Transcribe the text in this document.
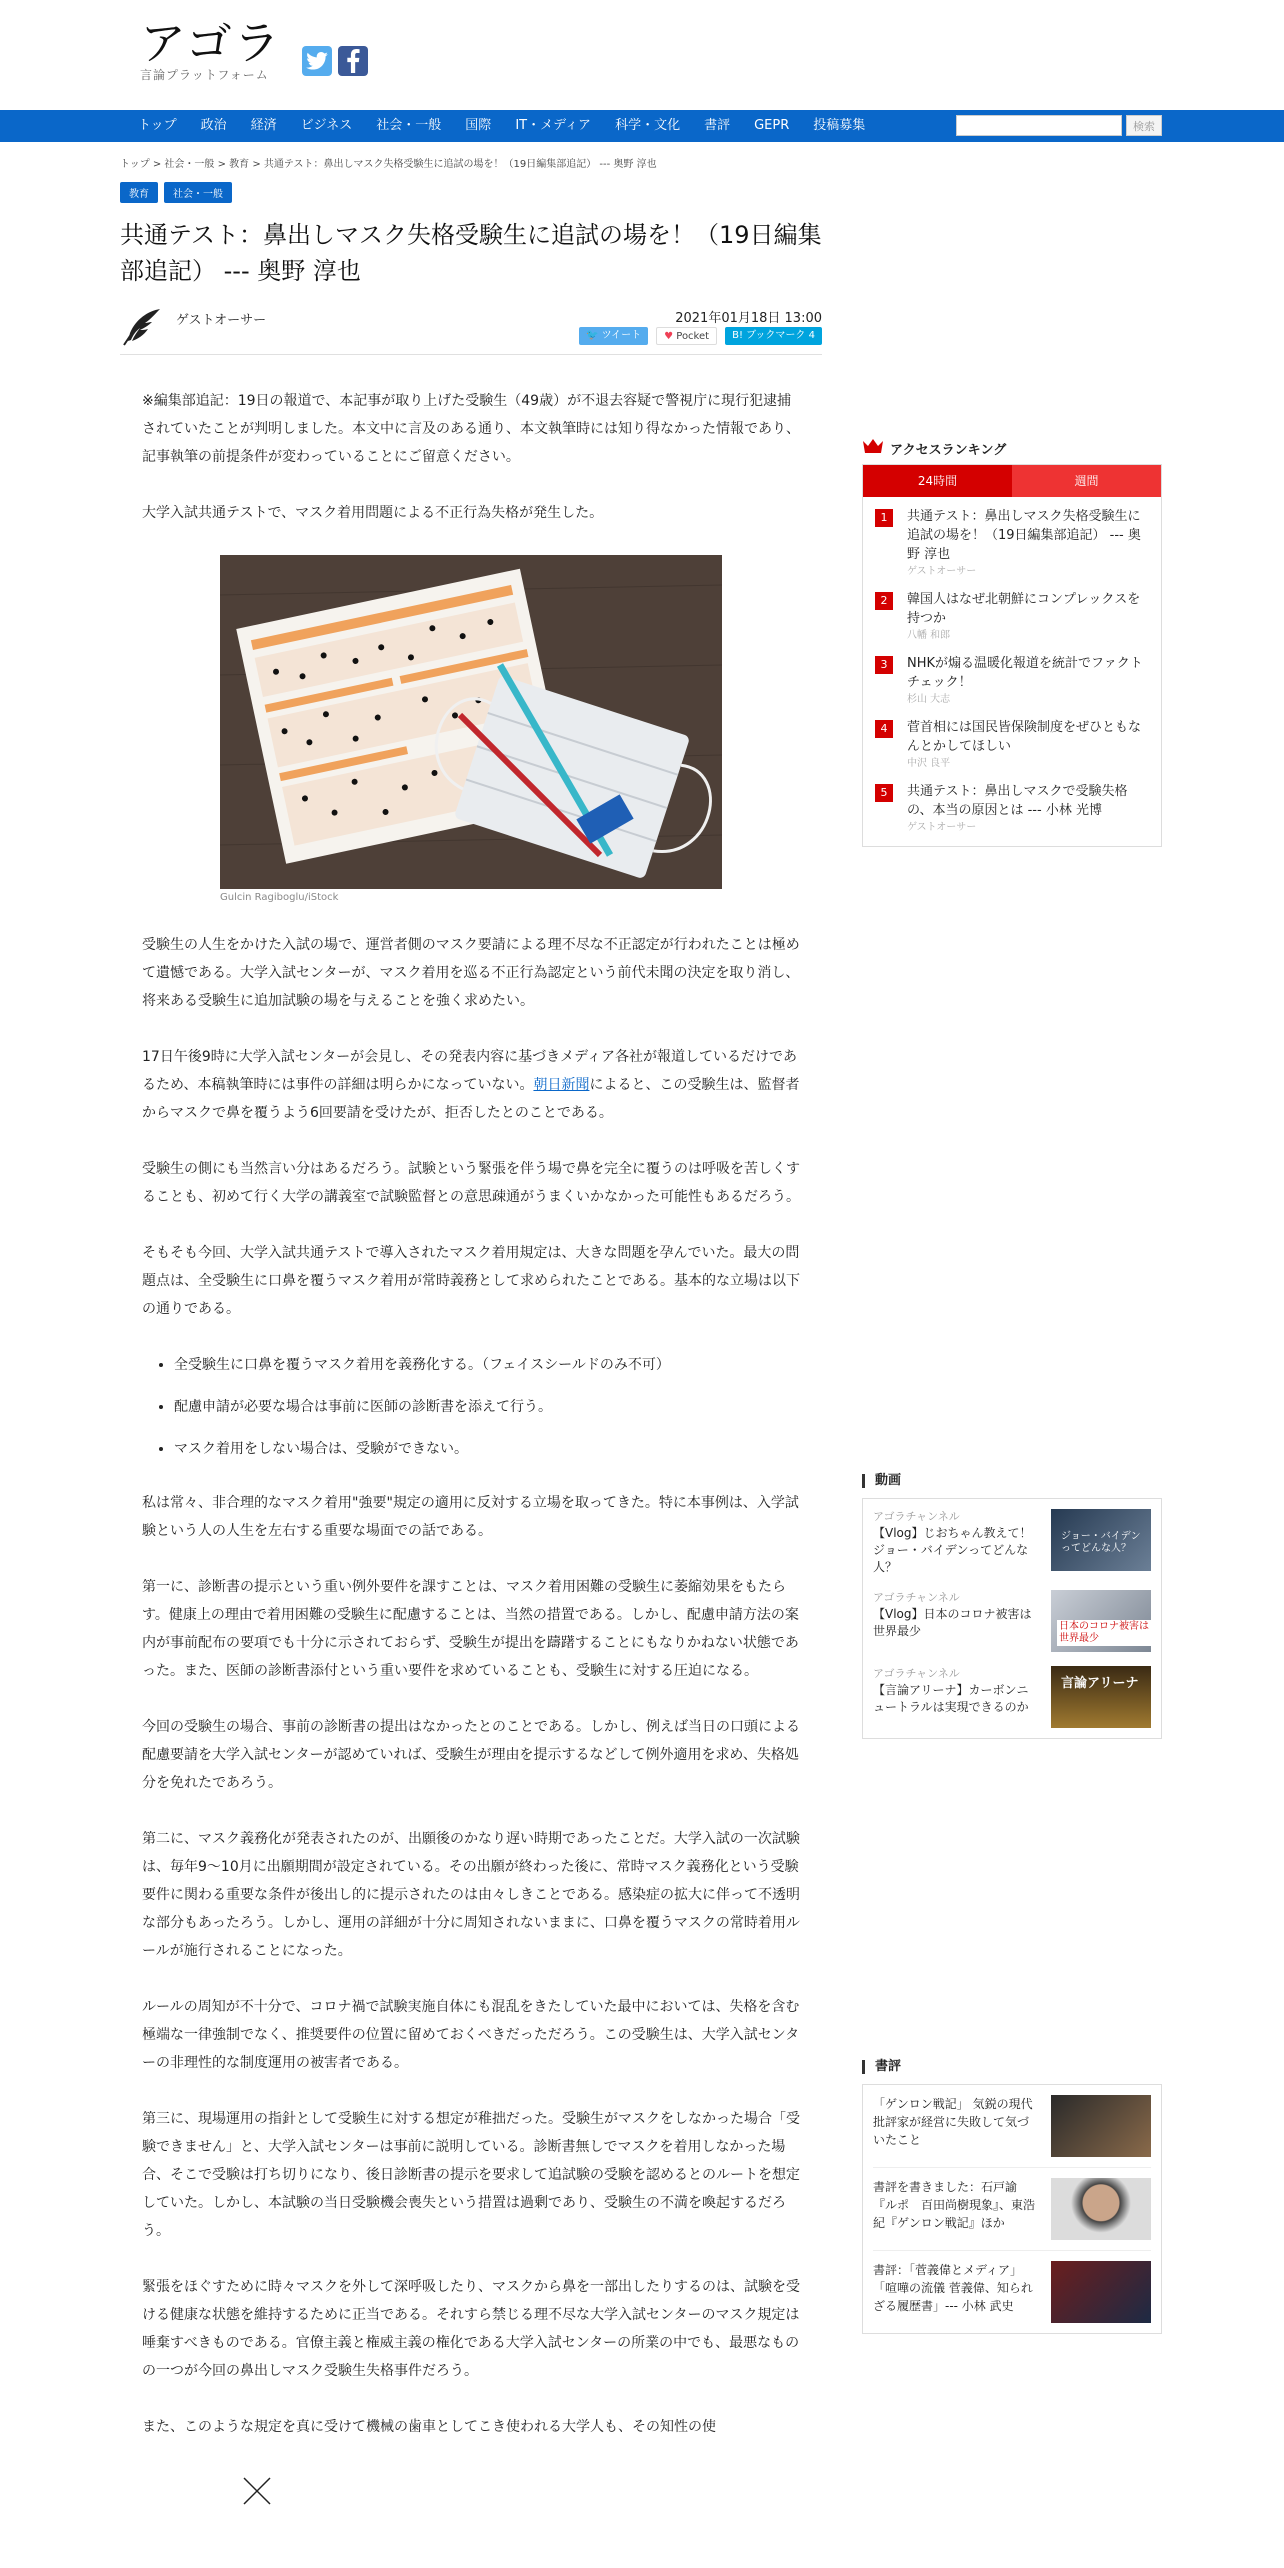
アゴラ
言論プラットフォーム
トップ	政治	経済	ビジネス	社会・一般	国際	IT・メディア	科学・文化	書評	GEPR	投稿募集	検索
トップ > 社会・一般 > 教育 > 共通テスト：鼻出しマスク失格受験生に追試の場を！（19日編集部追記） --- 奥野 淳也
教育	社会・一般
共通テスト：鼻出しマスク失格受験生に追試の場を！（19日編集部追記） --- 奥野 淳也
ゲストオーサー	2021年01月18日 13:00
🐦 ツイート	♥ Pocket	B! ブックマーク 4

※編集部追記：19日の報道で、本記事が取り上げた受験生（49歳）が不退去容疑で警視庁に現行犯逮捕されていたことが判明しました。本文中に言及のある通り、本文執筆時には知り得なかった情報であり、記事執筆の前提条件が変わっていることにご留意ください。

大学入試共通テストで、マスク着用問題による不正行為失格が発生した。

Gulcin Ragiboglu/iStock

受験生の人生をかけた入試の場で、運営者側のマスク要請による理不尽な不正認定が行われたことは極めて遺憾である。大学入試センターが、マスク着用を巡る不正行為認定という前代未聞の決定を取り消し、将来ある受験生に追加試験の場を与えることを強く求めたい。

17日午後9時に大学入試センターが会見し、その発表内容に基づきメディア各社が報道しているだけであるため、本稿執筆時には事件の詳細は明らかになっていない。朝日新聞によると、この受験生は、監督者からマスクで鼻を覆うよう6回要請を受けたが、拒否したとのことである。

受験生の側にも当然言い分はあるだろう。試験という緊張を伴う場で鼻を完全に覆うのは呼吸を苦しくすることも、初めて行く大学の講義室で試験監督との意思疎通がうまくいかなかった可能性もあるだろう。

そもそも今回、大学入試共通テストで導入されたマスク着用規定は、大きな問題を孕んでいた。最大の問題点は、全受験生に口鼻を覆うマスク着用が常時義務として求められたことである。基本的な立場は以下の通りである。

• 全受験生に口鼻を覆うマスク着用を義務化する。（フェイスシールドのみ不可）
• 配慮申請が必要な場合は事前に医師の診断書を添えて行う。
• マスク着用をしない場合は、受験ができない。

私は常々、非合理的なマスク着用"強要"規定の適用に反対する立場を取ってきた。特に本事例は、入学試験という人の人生を左右する重要な場面での話である。

第一に、診断書の提示という重い例外要件を課すことは、マスク着用困難の受験生に萎縮効果をもたらす。健康上の理由で着用困難の受験生に配慮することは、当然の措置である。しかし、配慮申請方法の案内が事前配布の要項でも十分に示されておらず、受験生が提出を躊躇することにもなりかねない状態であった。また、医師の診断書添付という重い要件を求めていることも、受験生に対する圧迫になる。

今回の受験生の場合、事前の診断書の提出はなかったとのことである。しかし、例えば当日の口頭による配慮要請を大学入試センターが認めていれば、受験生が理由を提示するなどして例外適用を求め、失格処分を免れたであろう。

第二に、マスク義務化が発表されたのが、出願後のかなり遅い時期であったことだ。大学入試の一次試験は、毎年9～10月に出願期間が設定されている。その出願が終わった後に、常時マスク義務化という受験要件に関わる重要な条件が後出し的に提示されたのは由々しきことである。感染症の拡大に伴って不透明な部分もあったろう。しかし、運用の詳細が十分に周知されないままに、口鼻を覆うマスクの常時着用ルールが施行されることになった。

ルールの周知が不十分で、コロナ禍で試験実施自体にも混乱をきたしていた最中においては、失格を含む極端な一律強制でなく、推奨要件の位置に留めておくべきだっただろう。この受験生は、大学入試センターの非理性的な制度運用の被害者である。

第三に、現場運用の指針として受験生に対する想定が稚拙だった。受験生がマスクをしなかった場合「受験できません」と、大学入試センターは事前に説明している。診断書無しでマスクを着用しなかった場合、そこで受験は打ち切りになり、後日診断書の提示を要求して追試験の受験を認めるとのルートを想定していた。しかし、本試験の当日受験機会喪失という措置は過剰であり、受験生の不満を喚起するだろう。

緊張をほぐすために時々マスクを外して深呼吸したり、マスクから鼻を一部出したりするのは、試験を受ける健康な状態を維持するために正当である。それすら禁じる理不尽な大学入試センターのマスク規定は唾棄すべきものである。官僚主義と権威主義の権化である大学入試センターの所業の中でも、最悪なものの一つが今回の鼻出しマスク受験生失格事件だろう。

また、このような規定を真に受けて機械の歯車としてこき使われる大学人も、その知性の使

アクセスランキング
24時間	週間
1	共通テスト：鼻出しマスク失格受験生に追試の場を！（19日編集部追記） --- 奥野 淳也
ゲストオーサー
2	韓国人はなぜ北朝鮮にコンプレックスを持つか
八幡 和郎
3	NHKが煽る温暖化報道を統計でファクトチェック！
杉山 大志
4	菅首相には国民皆保険制度をぜひともなんとかしてほしい
中沢 良平
5	共通テスト：鼻出しマスクで受験失格の、本当の原因とは --- 小林 光博
ゲストオーサー
動画
アゴラチャンネル
【Vlog】じおちゃん教えて！　ジョー・バイデンってどんな人？
ジョー・バイデンってどんな人？
アゴラチャンネル
【Vlog】日本のコロナ被害は世界最少	日本のコロナ被害は世界最少
アゴラチャンネル
【言論アリーナ】カーボンニュートラルは実現できるのか
言論アリーナ
書評
「ゲンロン戦記」 気鋭の現代批評家が経営に失敗して気づいたこと
書評を書きました：石戸諭『ルポ　百田尚樹現象』、東浩紀『ゲンロン戦記』ほか
書評：「菅義偉とメディア」「喧嘩の流儀 菅義偉、知られざる履歴書」--- 小林 武史
